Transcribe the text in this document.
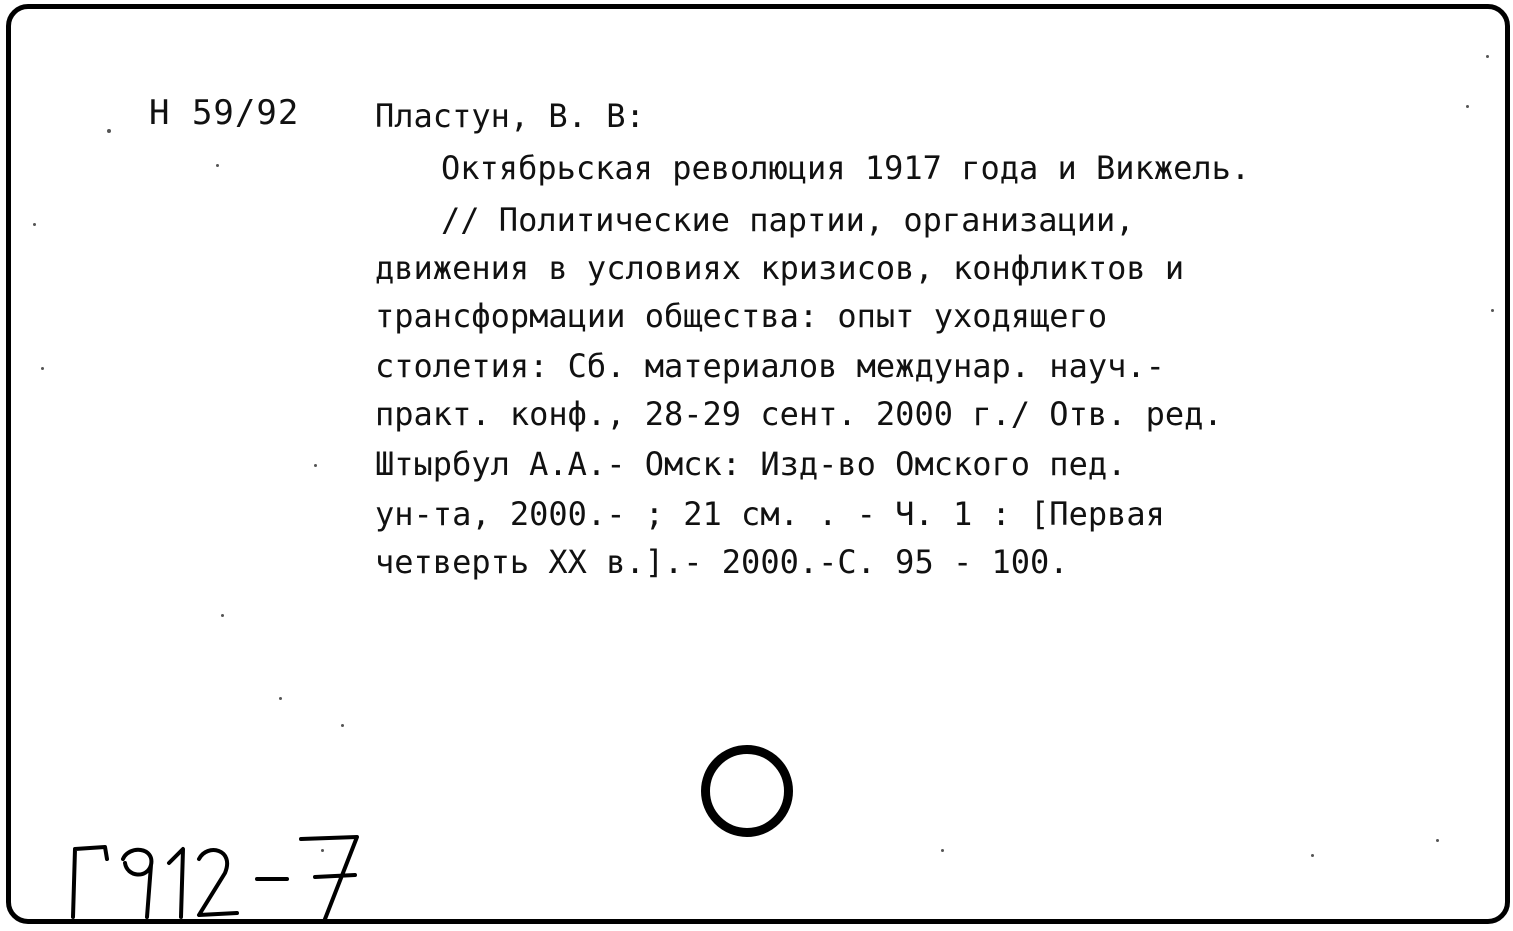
Н 59/92 Пластун, В. В:
Октябрьская революция 1917 года и Викжель.
// Политические партии, организации,
движения в условиях кризисов, конфликтов и
трансформации общества: опыт уходящего
столетия: Сб. материалов междунар. науч.-
практ. конф., 28-29 сент. 2000 г./ Отв. ред.
Штырбул А.А.- Омск: Изд-во Омского пед.
ун-та, 2000.- ; 21 см. . - Ч. 1 : [Первая
четверть XX в.].- 2000.-С. 95 - 100.
